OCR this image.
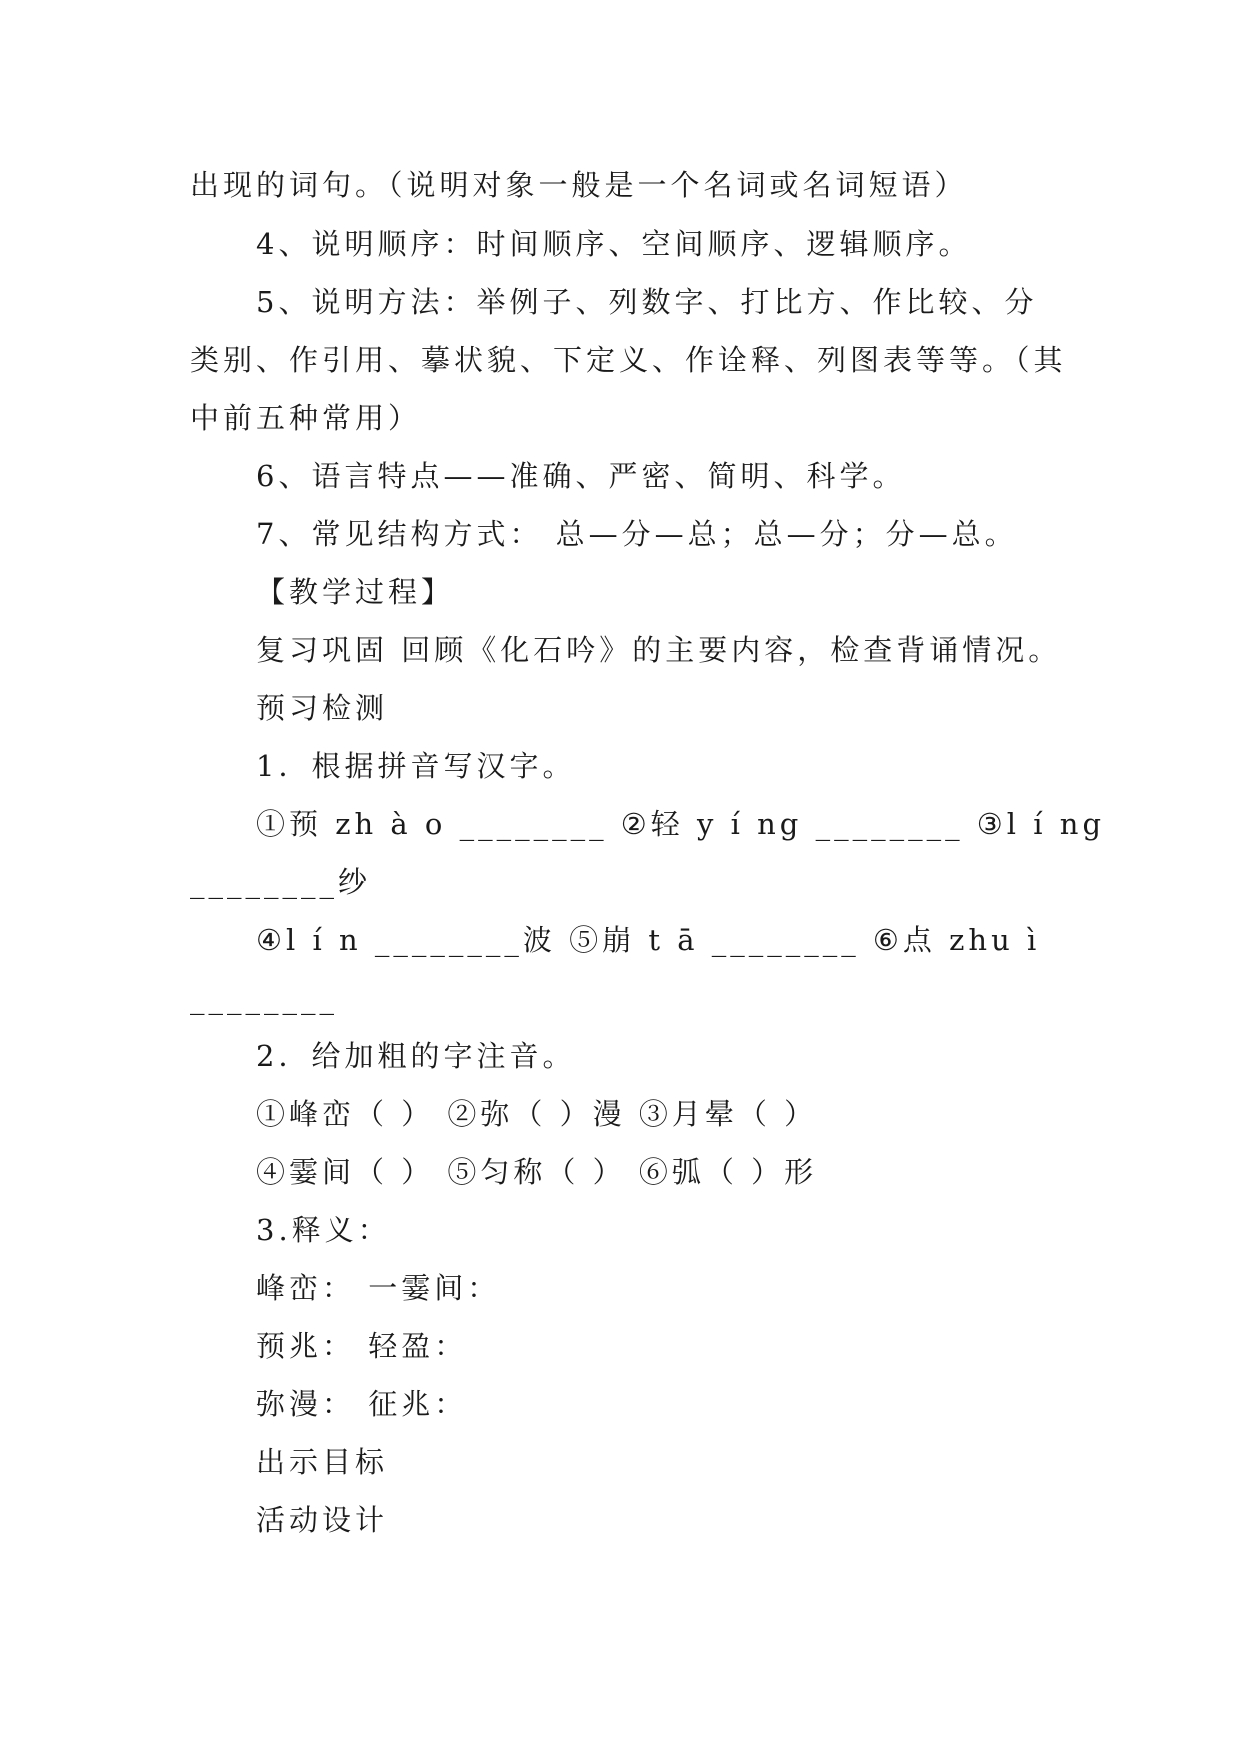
出现的词句。（说明对象一般是一个名词或名词短语）
4、说明顺序：时间顺序、空间顺序、逻辑顺序。
5、说明方法：举例子、列数字、打比方、作比较、分
类别、作引用、摹状貌、下定义、作诠释、列图表等等。（其
中前五种常用）
6、语言特点——准确、严密、简明、科学。
7、常见结构方式： 总—分—总；总—分；分—总。
【教学过程】
复习巩固 回顾《化石吟》的主要内容，检查背诵情况。
预习检测
1．根据拼音写汉字。
①预 zh à o ________ ②轻 y í ng ________ ③l í ng
________纱
④l í n ________波 ⑤崩 t ā ________ ⑥点 zhu ì
________
2．给加粗的字注音。
①峰峦（ ） ②弥（ ）漫 ③月晕（ ）
④霎间（ ） ⑤匀称（ ） ⑥弧（ ）形
3.释义：
峰峦： 一霎间：
预兆： 轻盈：
弥漫： 征兆：
出示目标
活动设计
